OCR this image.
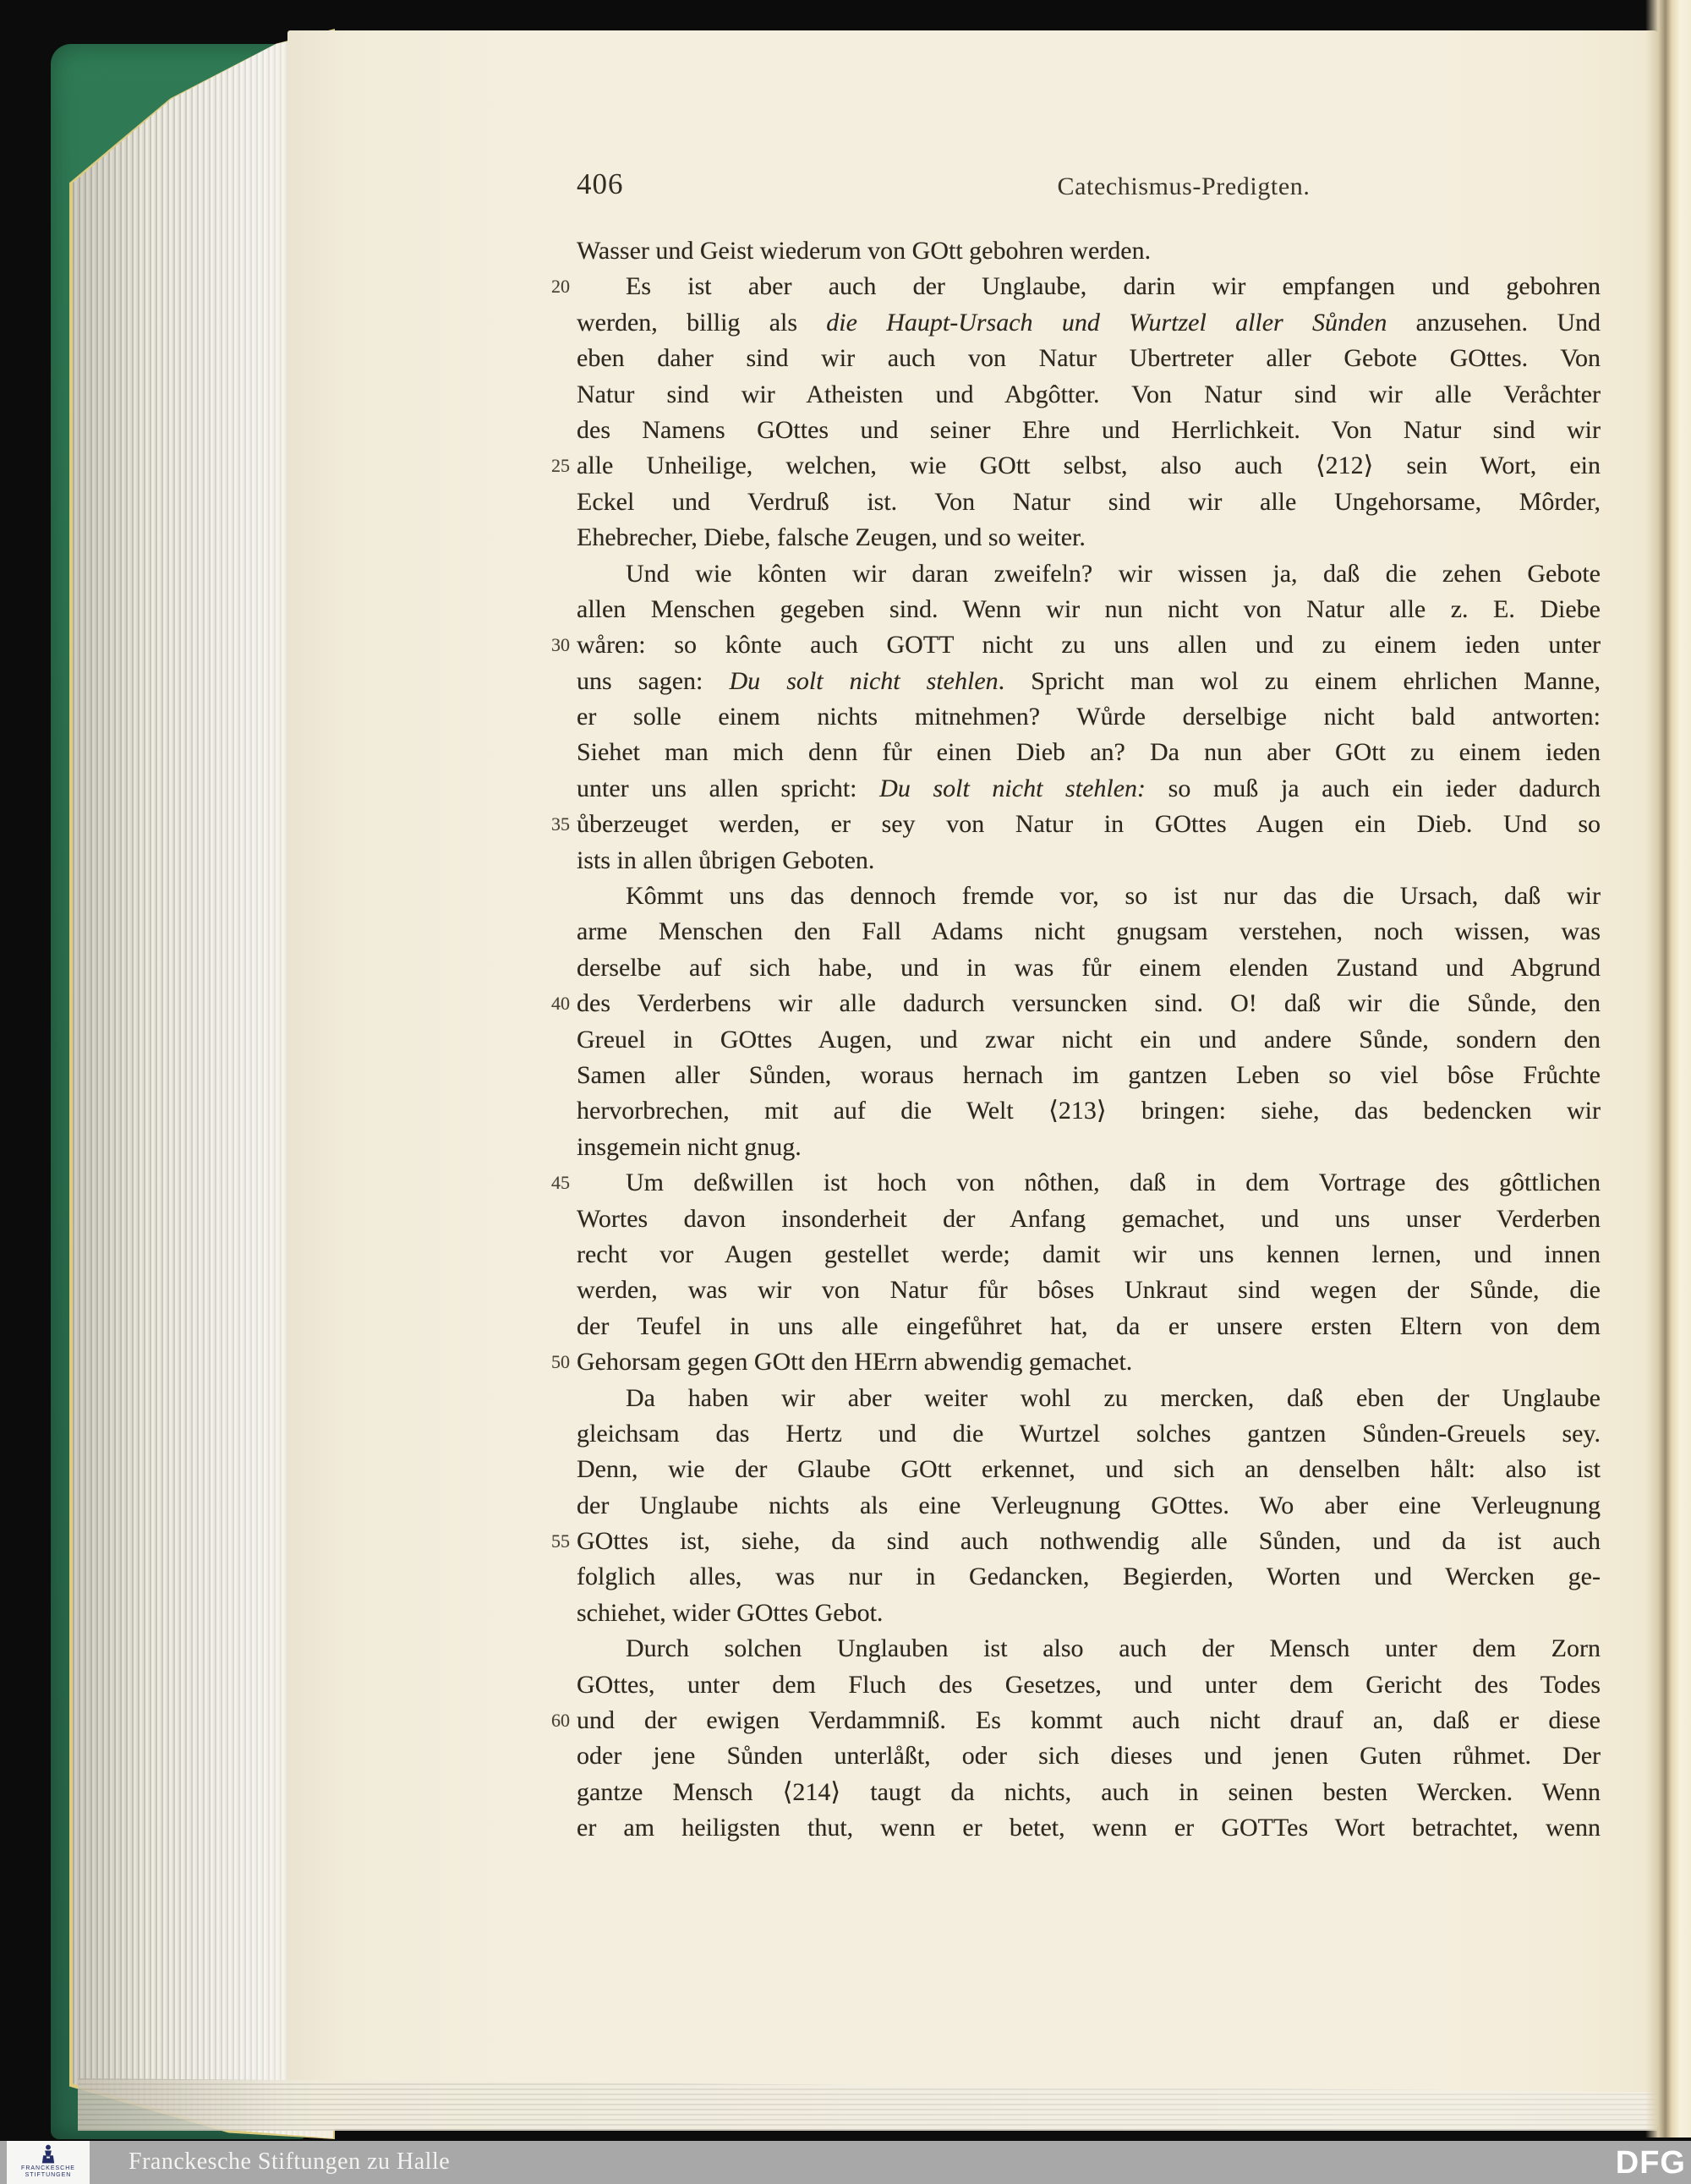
406	Catechismus-Predigten.
Wasser und Geist wiederum von GOtt gebohren werden.
20 Es ist aber auch der Unglaube, darin wir empfangen und gebohren
werden, billig als die Haupt-Ursach und Wurtzel aller Sůnden anzusehen. Und
eben daher sind wir auch von Natur Ubertreter aller Gebote GOttes. Von
Natur sind wir Atheisten und Abgôtter. Von Natur sind wir alle Veråchter
des Namens GOttes und seiner Ehre und Herrlichkeit. Von Natur sind wir
25 alle Unheilige, welchen, wie GOtt selbst, also auch ⟨212⟩ sein Wort, ein
Eckel und Verdruß ist. Von Natur sind wir alle Ungehorsame, Môrder,
Ehebrecher, Diebe, falsche Zeugen, und so weiter.
Und wie kônten wir daran zweifeln? wir wissen ja, daß die zehen Gebote
allen Menschen gegeben sind. Wenn wir nun nicht von Natur alle z. E. Diebe
30 wåren: so kônte auch GOTT nicht zu uns allen und zu einem ieden unter
uns sagen: Du solt nicht stehlen. Spricht man wol zu einem ehrlichen Manne,
er solle einem nichts mitnehmen? Wůrde derselbige nicht bald antworten:
Siehet man mich denn fůr einen Dieb an? Da nun aber GOtt zu einem ieden
unter uns allen spricht: Du solt nicht stehlen: so muß ja auch ein ieder dadurch
35 ůberzeuget werden, er sey von Natur in GOttes Augen ein Dieb. Und so
ists in allen ůbrigen Geboten.
Kômmt uns das dennoch fremde vor, so ist nur das die Ursach, daß wir
arme Menschen den Fall Adams nicht gnugsam verstehen, noch wissen, was
derselbe auf sich habe, und in was fůr einem elenden Zustand und Abgrund
40 des Verderbens wir alle dadurch versuncken sind. O! daß wir die Sůnde, den
Greuel in GOttes Augen, und zwar nicht ein und andere Sůnde, sondern den
Samen aller Sůnden, woraus hernach im gantzen Leben so viel bôse Frůchte
hervorbrechen, mit auf die Welt ⟨213⟩ bringen: siehe, das bedencken wir
insgemein nicht gnug.
45 Um deßwillen ist hoch von nôthen, daß in dem Vortrage des gôttlichen
Wortes davon insonderheit der Anfang gemachet, und uns unser Verderben
recht vor Augen gestellet werde; damit wir uns kennen lernen, und innen
werden, was wir von Natur fůr bôses Unkraut sind wegen der Sůnde, die
der Teufel in uns alle eingefůhret hat, da er unsere ersten Eltern von dem
50 Gehorsam gegen GOtt den HErrn abwendig gemachet.
Da haben wir aber weiter wohl zu mercken, daß eben der Unglaube
gleichsam das Hertz und die Wurtzel solches gantzen Sůnden-Greuels sey.
Denn, wie der Glaube GOtt erkennet, und sich an denselben hålt: also ist
der Unglaube nichts als eine Verleugnung GOttes. Wo aber eine Verleugnung
55 GOttes ist, siehe, da sind auch nothwendig alle Sůnden, und da ist auch
folglich alles, was nur in Gedancken, Begierden, Worten und Wercken ge-
schiehet, wider GOttes Gebot.
Durch solchen Unglauben ist also auch der Mensch unter dem Zorn
GOttes, unter dem Fluch des Gesetzes, und unter dem Gericht des Todes
60 und der ewigen Verdammniß. Es kommt auch nicht drauf an, daß er diese
oder jene Sůnden unterlåßt, oder sich dieses und jenen Guten růhmet. Der
gantze Mensch ⟨214⟩ taugt da nichts, auch in seinen besten Wercken. Wenn
er am heiligsten thut, wenn er betet, wenn er GOTTes Wort betrachtet, wenn
FRANCKESCHE
STIFTUNGEN
Franckesche Stiftungen zu Halle	DFG
